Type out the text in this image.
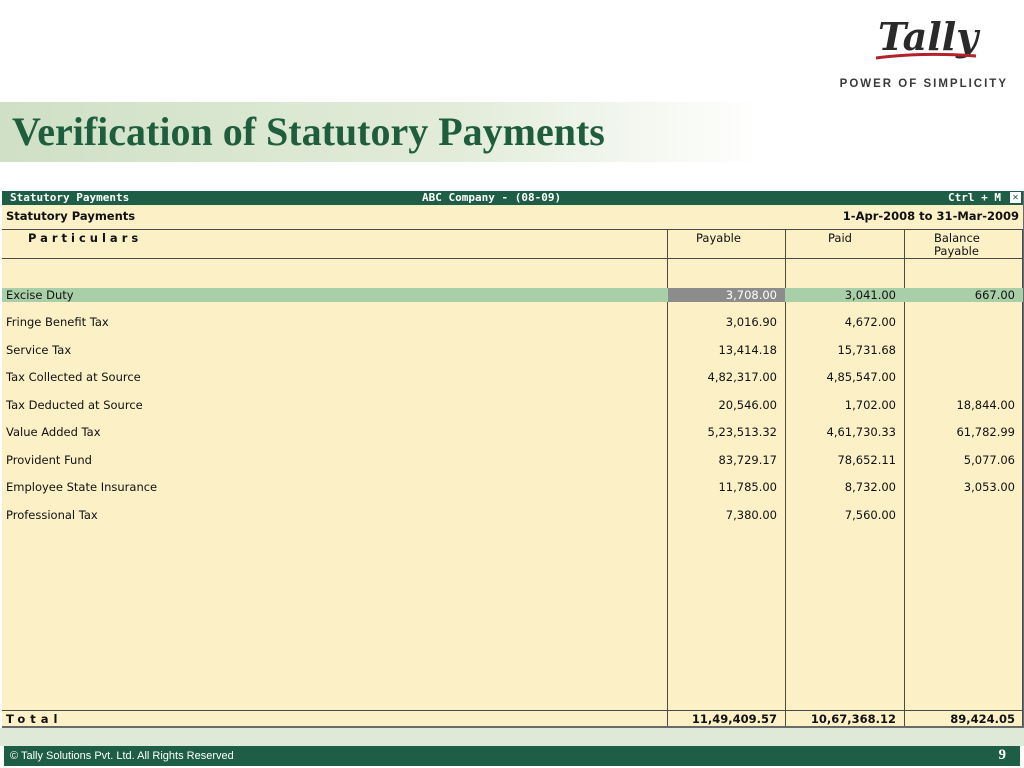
Tally
POWER OF SIMPLICITY
Verification of Statutory Payments
Statutory Payments	ABC Company - (08-09)	Ctrl + M ✕
Statutory Payments	1-Apr-2008 to 31-Mar-2009
Particulars	Payable	Paid	Balance Payable
Excise Duty	3,708.00	3,041.00	667.00
Fringe Benefit Tax	3,016.90	4,672.00
Service Tax	13,414.18	15,731.68
Tax Collected at Source	4,82,317.00	4,85,547.00
Tax Deducted at Source	20,546.00	1,702.00	18,844.00
Value Added Tax	5,23,513.32	4,61,730.33	61,782.99
Provident Fund	83,729.17	78,652.11	5,077.06
Employee State Insurance	11,785.00	8,732.00	3,053.00
Professional Tax	7,380.00	7,560.00
Total	11,49,409.57	10,67,368.12	89,424.05
© Tally Solutions Pvt. Ltd. All Rights Reserved	9
